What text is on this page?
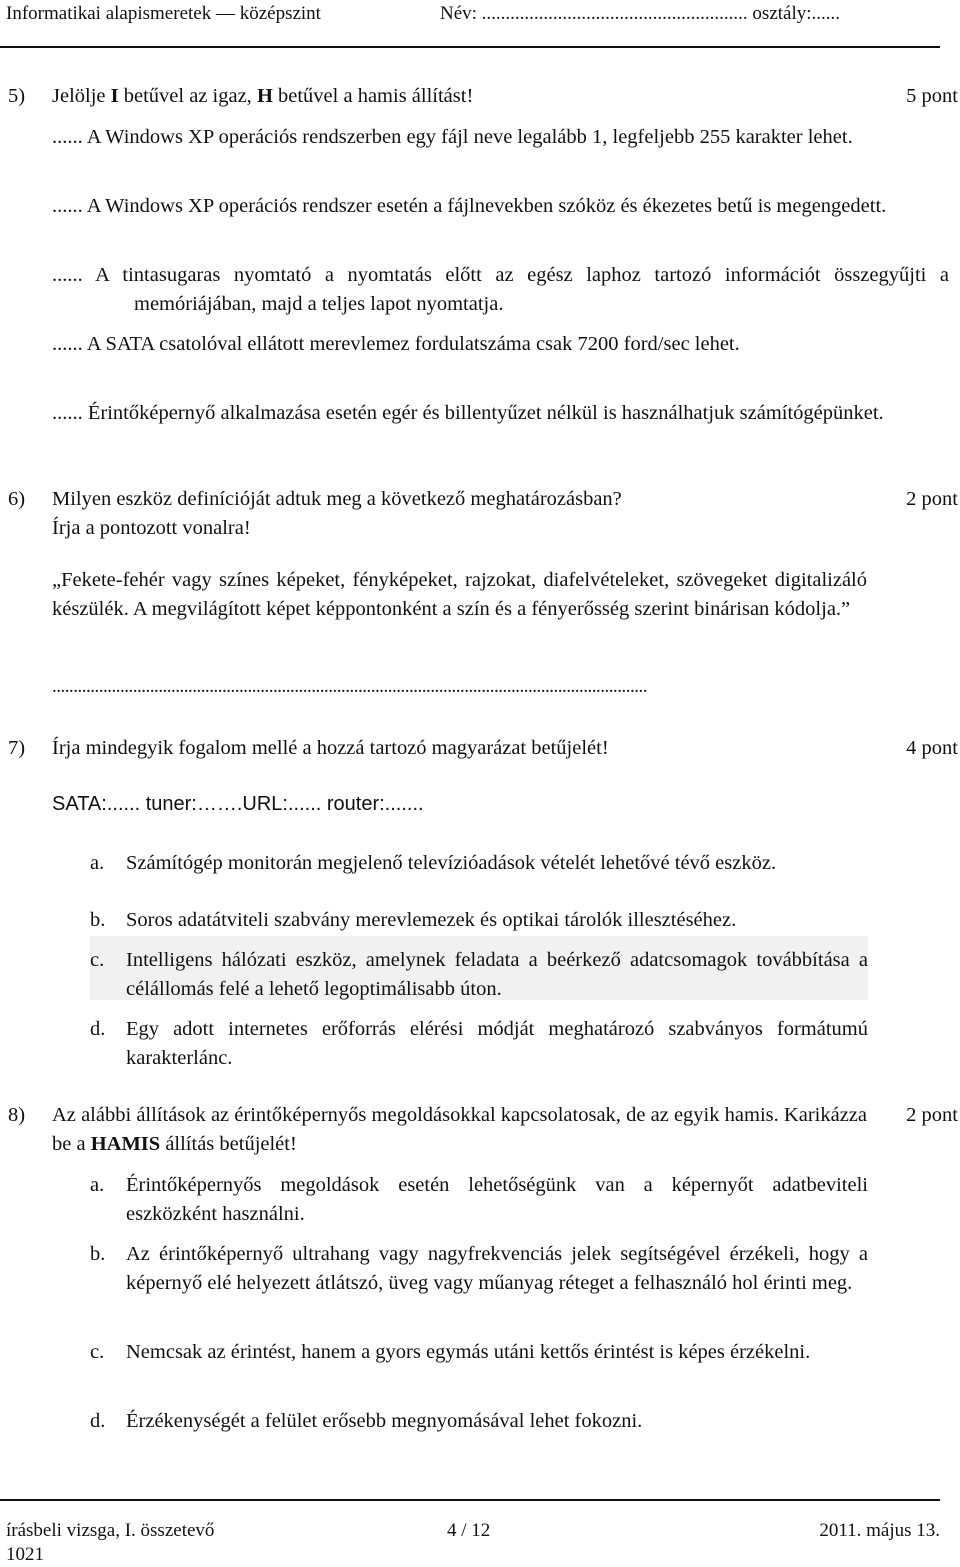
Informatikai alapismeretek — középszint	Név: ........................................................ osztály:......
5) Jelölje I betűvel az igaz, H betűvel a hamis állítást!	5 pont
...... A Windows XP operációs rendszerben egy fájl neve legalább 1, legfeljebb 255 karakter lehet.
...... A Windows XP operációs rendszer esetén a fájlnevekben szóköz és ékezetes betű is megengedett.
...... A tintasugaras nyomtató a nyomtatás előtt az egész laphoz tartozó információt összegyűjti a memóriájában, majd a teljes lapot nyomtatja.
...... A SATA csatolóval ellátott merevlemez fordulatszáma csak 7200 ford/sec lehet.
...... Érintőképernyő alkalmazása esetén egér és billentyűzet nélkül is használhatjuk számítógépünket.
6) Milyen eszköz definícióját adtuk meg a következő meghatározásban?
Írja a pontozott vonalra!
2 pont
„Fekete-fehér vagy színes képeket, fényképeket, rajzokat, diafelvételeket, szövegeket digitalizáló készülék. A megvilágított képet képpontonként a szín és a fényerősség szerint binárisan kódolja.”
............................................................................................................................................
7) Írja mindegyik fogalom mellé a hozzá tartozó magyarázat betűjelét!	4 pont
SATA:...... tuner:…….URL:...... router:.......
a. Számítógép monitorán megjelenő televízióadások vételét lehetővé tévő eszköz.
b. Soros adatátviteli szabvány merevlemezek és optikai tárolók illesztéséhez.
c. Intelligens hálózati eszköz, amelynek feladata a beérkező adatcsomagok továbbítása a célállomás felé a lehető legoptimálisabb úton.
d. Egy adott internetes erőforrás elérési módját meghatározó szabványos formátumú karakterlánc.
8) Az alábbi állítások az érintőképernyős megoldásokkal kapcsolatosak, de az egyik hamis. Karikázza be a HAMIS állítás betűjelét!
2 pont
a. Érintőképernyős megoldások esetén lehetőségünk van a képernyőt adatbeviteli eszközként használni.
b. Az érintőképernyő ultrahang vagy nagyfrekvenciás jelek segítségével érzékeli, hogy a képernyő elé helyezett átlátszó, üveg vagy műanyag réteget a felhasználó hol érinti meg.
c. Nemcsak az érintést, hanem a gyors egymás utáni kettős érintést is képes érzékelni.
d. Érzékenységét a felület erősebb megnyomásával lehet fokozni.
írásbeli vizsga, I. összetevő	4 / 12	2011. május 13.
1021
